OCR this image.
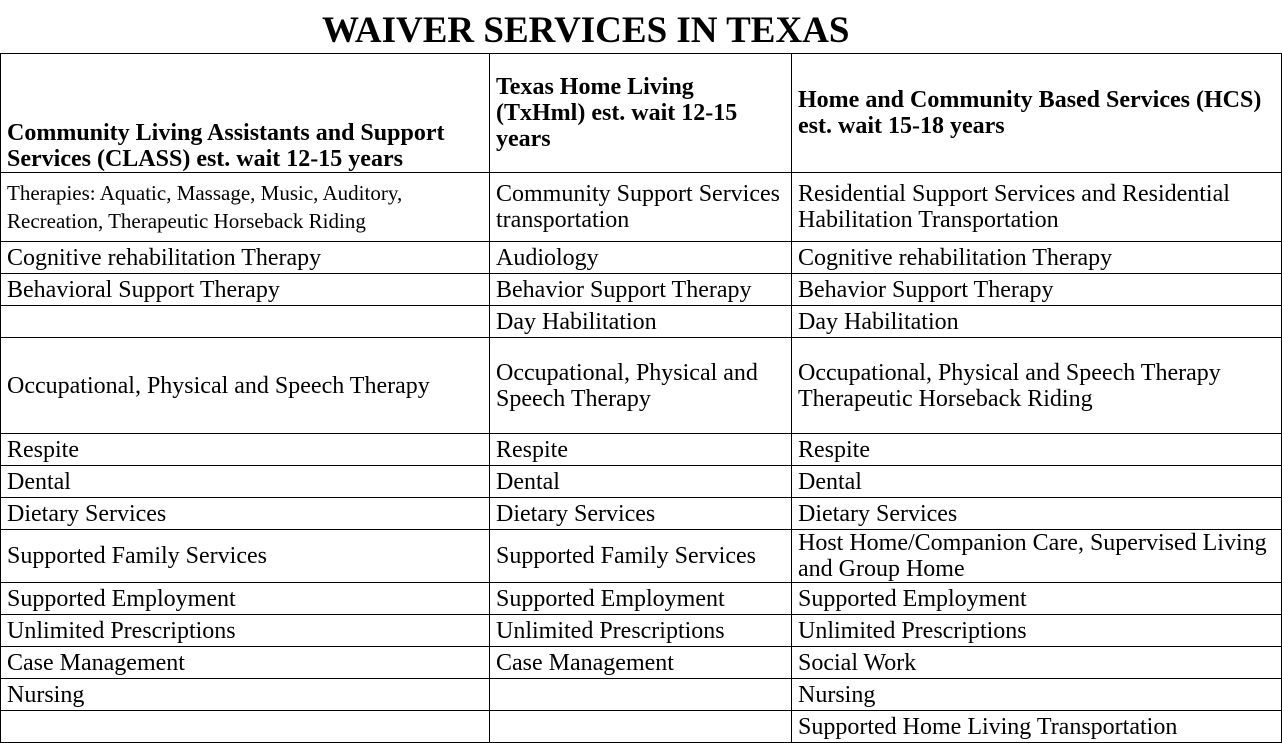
WAIVER SERVICES IN TEXAS
Community Living Assistants and Support Services (CLASS) est. wait 12-15 years	Texas Home Living (TxHml) est. wait 12-15 years	Home and Community Based Services (HCS) est. wait 15-18 years
Therapies: Aquatic, Massage, Music, Auditory, Recreation, Therapeutic Horseback Riding	Community Support Services transportation	Residential Support Services and Residential Habilitation Transportation
Cognitive rehabilitation Therapy	Audiology	Cognitive rehabilitation Therapy
Behavioral Support Therapy	Behavior Support Therapy	Behavior Support Therapy
	Day Habilitation	Day Habilitation
Occupational, Physical and Speech Therapy	Occupational, Physical and Speech Therapy	Occupational, Physical and Speech Therapy Therapeutic Horseback Riding
Respite	Respite	Respite
Dental	Dental	Dental
Dietary Services	Dietary Services	Dietary Services
Supported Family Services	Supported Family Services	Host Home/Companion Care, Supervised Living and Group Home
Supported Employment	Supported Employment	Supported Employment
Unlimited Prescriptions	Unlimited Prescriptions	Unlimited Prescriptions
Case Management	Case Management	Social Work
Nursing		Nursing
		Supported Home Living Transportation
